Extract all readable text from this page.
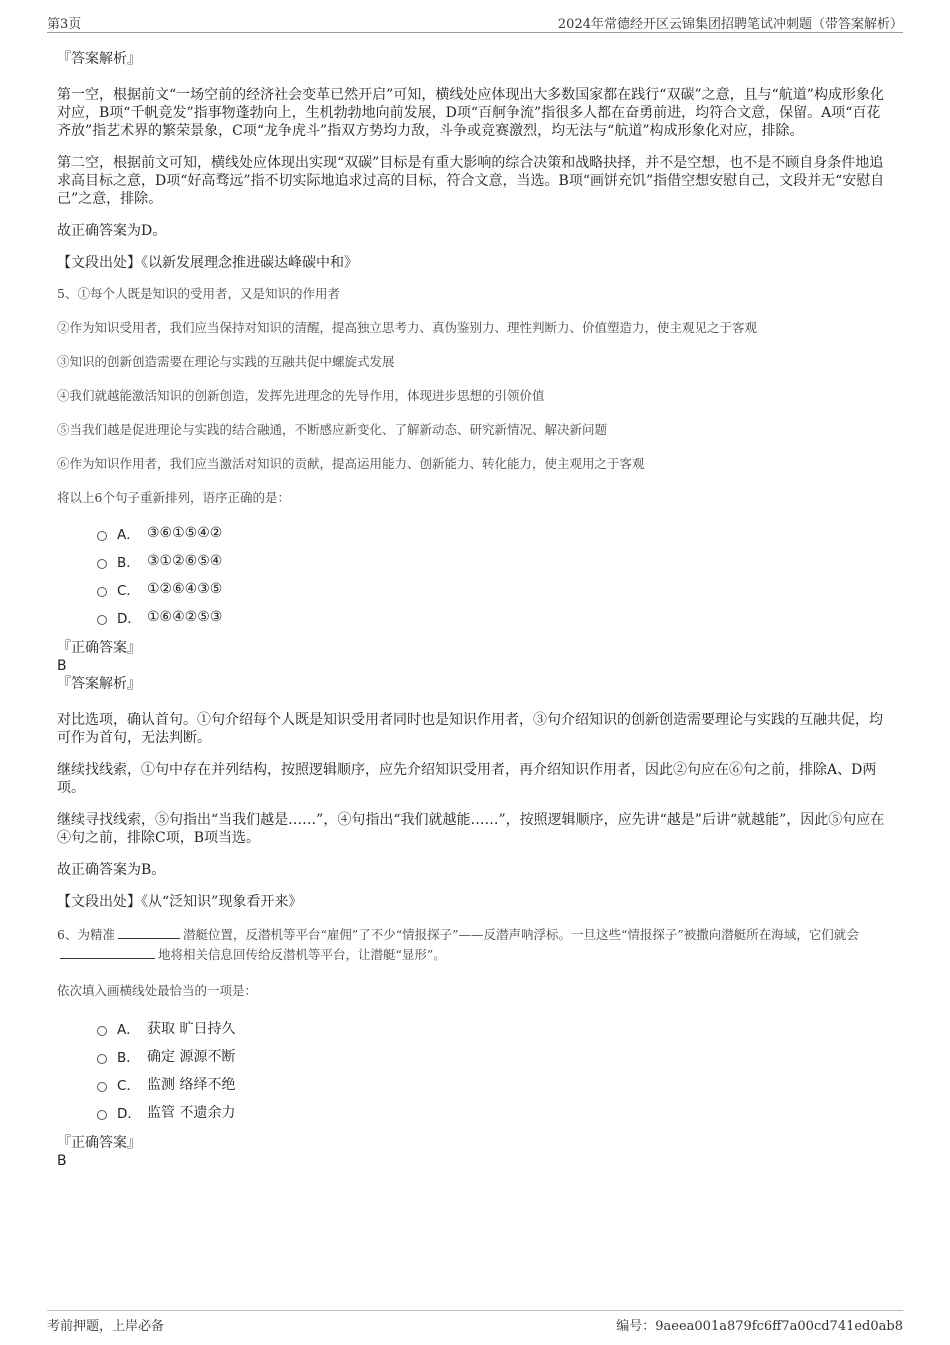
第3页	2024年常德经开区云锦集团招聘笔试冲刺题（带答案解析）

『答案解析』

第一空，根据前文“一场空前的经济社会变革已然开启”可知，横线处应体现出大多数国家都在践行“双碳”之意，且与“航道”构成形象化对应，B项“千帆竞发”指事物蓬勃向上，生机勃勃地向前发展，D项“百舸争流”指很多人都在奋勇前进，均符合文意，保留。A项“百花齐放”指艺术界的繁荣景象，C项“龙争虎斗”指双方势均力敌，斗争或竞赛激烈，均无法与“航道”构成形象化对应，排除。

第二空，根据前文可知，横线处应体现出实现“双碳”目标是有重大影响的综合决策和战略抉择，并不是空想，也不是不顾自身条件地追求高目标之意，D项“好高骛远”指不切实际地追求过高的目标，符合文意，当选。B项“画饼充饥”指借空想安慰自己，文段并无“安慰自己”之意，排除。

故正确答案为D。

【文段出处】《以新发展理念推进碳达峰碳中和》

5、①每个人既是知识的受用者，又是知识的作用者

②作为知识受用者，我们应当保持对知识的清醒，提高独立思考力、真伪鉴别力、理性判断力、价值塑造力，使主观见之于客观

③知识的创新创造需要在理论与实践的互融共促中螺旋式发展

④我们就越能激活知识的创新创造，发挥先进理念的先导作用，体现进步思想的引领价值

⑤当我们越是促进理论与实践的结合融通，不断感应新变化、了解新动态、研究新情况、解决新问题

⑥作为知识作用者，我们应当激活对知识的贡献，提高运用能力、创新能力、转化能力，使主观用之于客观

将以上6个句子重新排列，语序正确的是：

A． ③⑥①⑤④②
B． ③①②⑥⑤④
C． ①②⑥④③⑤
D． ①⑥④②⑤③

『正确答案』

B

『答案解析』

对比选项，确认首句。①句介绍每个人既是知识受用者同时也是知识作用者，③句介绍知识的创新创造需要理论与实践的互融共促，均可作为首句，无法判断。

继续找线索，①句中存在并列结构，按照逻辑顺序，应先介绍知识受用者，再介绍知识作用者，因此②句应在⑥句之前，排除A、D两项。

继续寻找线索，⑤句指出“当我们越是……”，④句指出“我们就越能……”，按照逻辑顺序，应先讲“越是”后讲“就越能”，因此⑤句应在④句之前，排除C项，B项当选。

故正确答案为B。

【文段出处】《从“泛知识”现象看开来》

6、为精准	潜艇位置，反潜机等平台“雇佣”了不少“情报探子”——反潜声呐浮标。一旦这些“情报探子”被撒向潜艇所在海域，它们就会地将相关信息回传给反潜机等平台，让潜艇“显形”。

依次填入画横线处最恰当的一项是：

A． 获取 旷日持久
B． 确定 源源不断
C． 监测 络绎不绝
D． 监管 不遗余力

『正确答案』

B

考前押题，上岸必备	编号：9aeea001a879fc6ff7a00cd741ed0ab8
